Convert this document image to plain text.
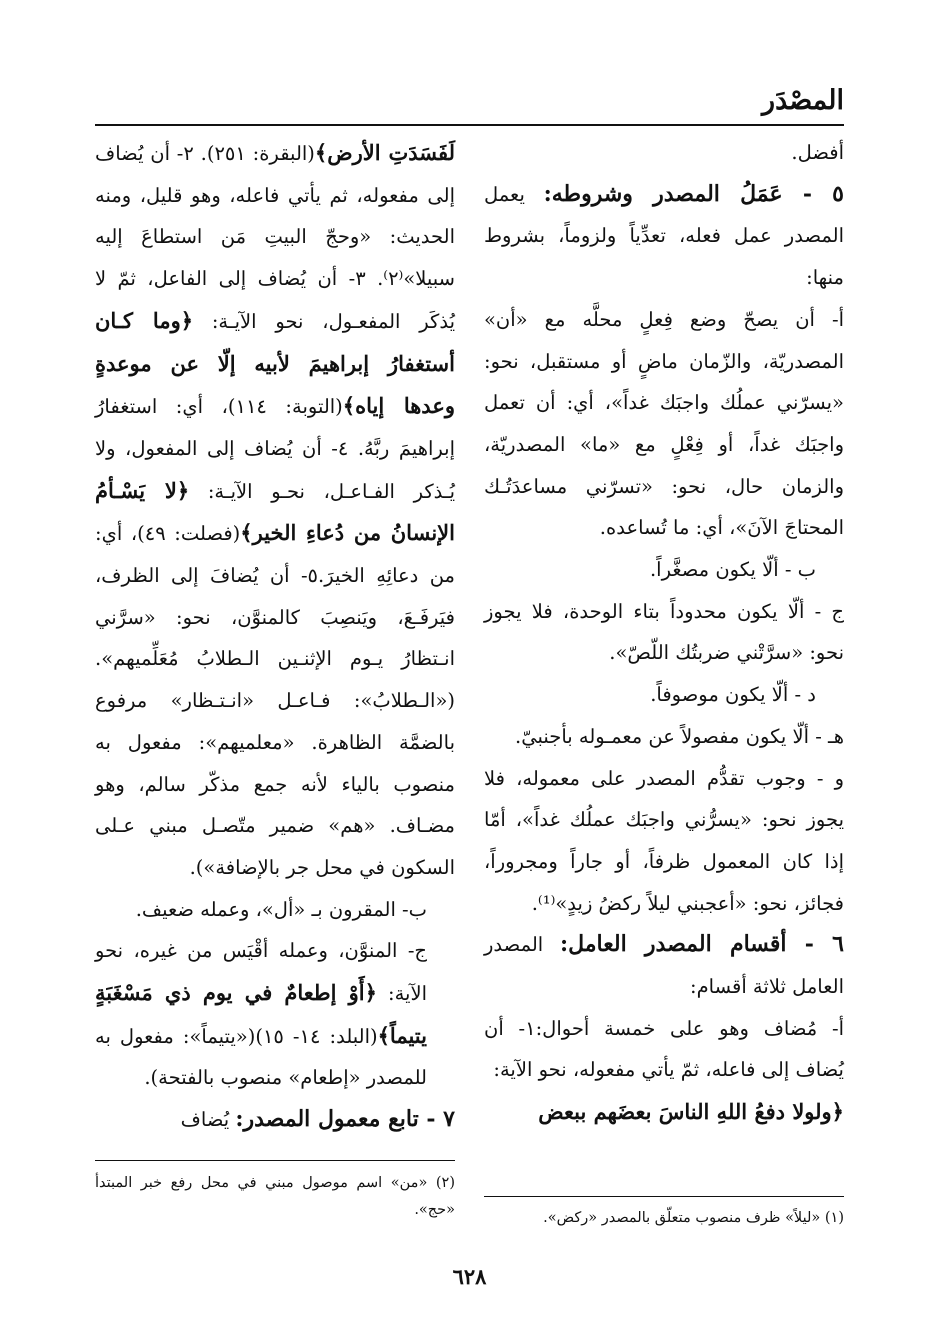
المصْدَر

أفضل.

٥ - عَمَلُ المصدر وشروطه: يعمل المصدر عمل فعله، تعدِّياً ولزوماً، بشروط منها:

أ- أن يصحّ وضع فِعلٍ محلَّه مع «أن» المصدريّة، والزّمان ماضٍ أو مستقبل، نحو: «يسرّني عملُك واجبَك غداً»، أي: أن تعمل واجبَك غداً، أو فِعْلٍ مع «ما» المصدريّة، والزمان حال، نحو: «تسرّني مساعدَتُـك المحتاجَ الآنَ»، أي: ما تُساعده.

ب - ألّا يكون مصغَّراً.

ج - ألّا يكون محدوداً بتاء الوحدة، فلا يجوز نحو: «سرَّتْني ضربتُك اللّصّ».

د - ألّا يكون موصوفاً.

هـ - ألّا يكون مفصولاً عن معمـوله بأجنبيّ.

و - وجوب تقدُّم المصدر على معموله، فلا يجوز نحو: «يسرُّني واجبَك عملُك غداً»، أمّا إذا كان المعمول ظرفاً، أو جاراً ومجروراً، فجائز، نحو: «أعجبني ليلاً ركضُ زيدٍ»⁽¹⁾.

٦ - أقسام المصدر العامل: المصدر العامل ثلاثة أقسام:

أ- مُضاف وهو على خمسة أحوال:١- أن يُضاف إلى فاعله، ثمّ يأتي مفعوله، نحو الآية:

﴿ولولا دفعُ اللهِ الناسَ بعضَهم ببعض

(١) «ليلاً» ظرف منصوب متعلّق بالمصدر «ركض».

لَفَسَدَتِ الأرض﴾(البقرة: ٢٥١). ٢- أن يُضاف إلى مفعوله، ثم يأتي فاعله، وهو قليل، ومنه الحديث: «وحجّ البيتِ مَن استطاعَ إليه سبيلا»⁽٢⁾. ٣- أن يُضاف إلى الفاعل، ثمّ لا يُذكَر المفعـول، نحو الآيـة: ﴿وما كـان أستغفارُ إبراهيمَ لأبيه إلّا عن موعدةٍ وعدها إياه﴾(التوبة: ١١٤)، أي: استغفارُ إبراهيمَ ربَّهُ. ٤- أن يُضاف إلى المفعول، ولا يُـذكر الفـاعـل، نحـو الآيـة: ﴿لا يَسْـأمُ الإنسانُ من دُعاءِ الخير﴾(فصلت: ٤٩)، أي: من دعائِهِ الخيرَ.٥- أن يُضافَ إلى الظرف، فيَرفَـعَ، ويَنصِبَ كالمنوَّن، نحو: «سرَّني انـتظارُ يـوم الإثنـين الـطلابُ مُعَلِّميهم».(«الـطلابُ»: فـاعـل «انـتـظار» مرفوع بالضمَّة الظاهرة. «معلميهم»: مفعول به منصوب بالياء لأنه جمع مذكّر سالم، وهو مضـاف. «هم» ضمير متّصـل مبني عـلى السكون في محل جر بالإضافة»).

ب- المقرون بـ «أل»، وعمله ضعيف.

ج- المنوَّن، وعمله أقْيَس من غيره، نحو الآية: ﴿أَوْ إطعامٌ في يوم ذي مَسْغَبَةٍ يتيماً﴾(البلد: ١٤- ١٥)(«يتيماً»: مفعول به للمصدر «إطعام» منصوب بالفتحة).

٧ - تابع معمول المصدر: يُضاف

(٢) «من» اسم موصول مبني في محل رفع خبر المبتدأ «حج».
٦٢٨
